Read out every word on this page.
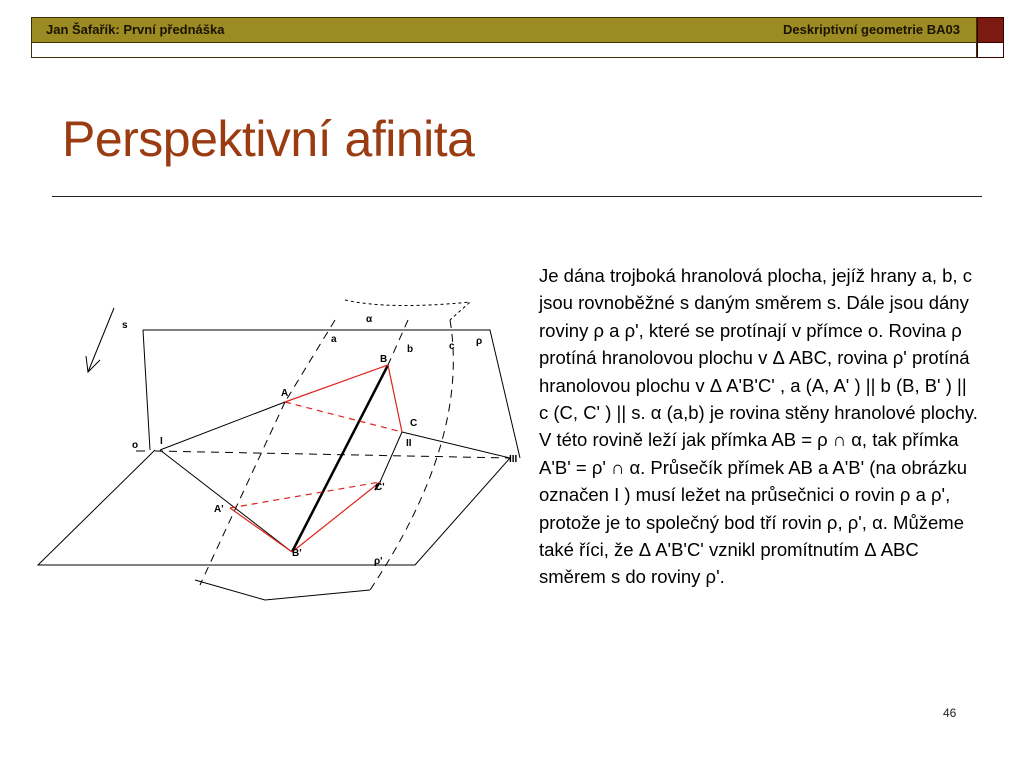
Jan Šafařík: První přednáška	Deskriptivní geometrie BA03
Perspektivní afinita
s
o
a
b	c
α
ρ
ρ'
A
B
C
A'
B'
C'
I	II
III

Je dána trojboká hranolová plocha, jejíž hrany a, b, c jsou rovnoběžné s daným směrem s. Dále jsou dány roviny ρ a ρ', které se protínají v přímce o. Rovina ρ protíná hranolovou plochu v Δ ABC, rovina ρ' protíná hranolovou plochu v Δ A'B'C' , a (A, A' ) || b (B, B' ) || c (C, C' ) || s. α (a,b) je rovina stěny hranolové plochy. V této rovině leží jak přímka AB = ρ ∩ α, tak přímka A'B' = ρ' ∩ α. Průsečík přímek AB a A'B' (na obrázku označen I ) musí ležet na průsečnici o rovin ρ a ρ', protože je to společný bod tří rovin ρ, ρ', α. Můžeme také říci, že Δ A'B'C' vznikl promítnutím Δ ABC směrem s do roviny ρ'.

46
